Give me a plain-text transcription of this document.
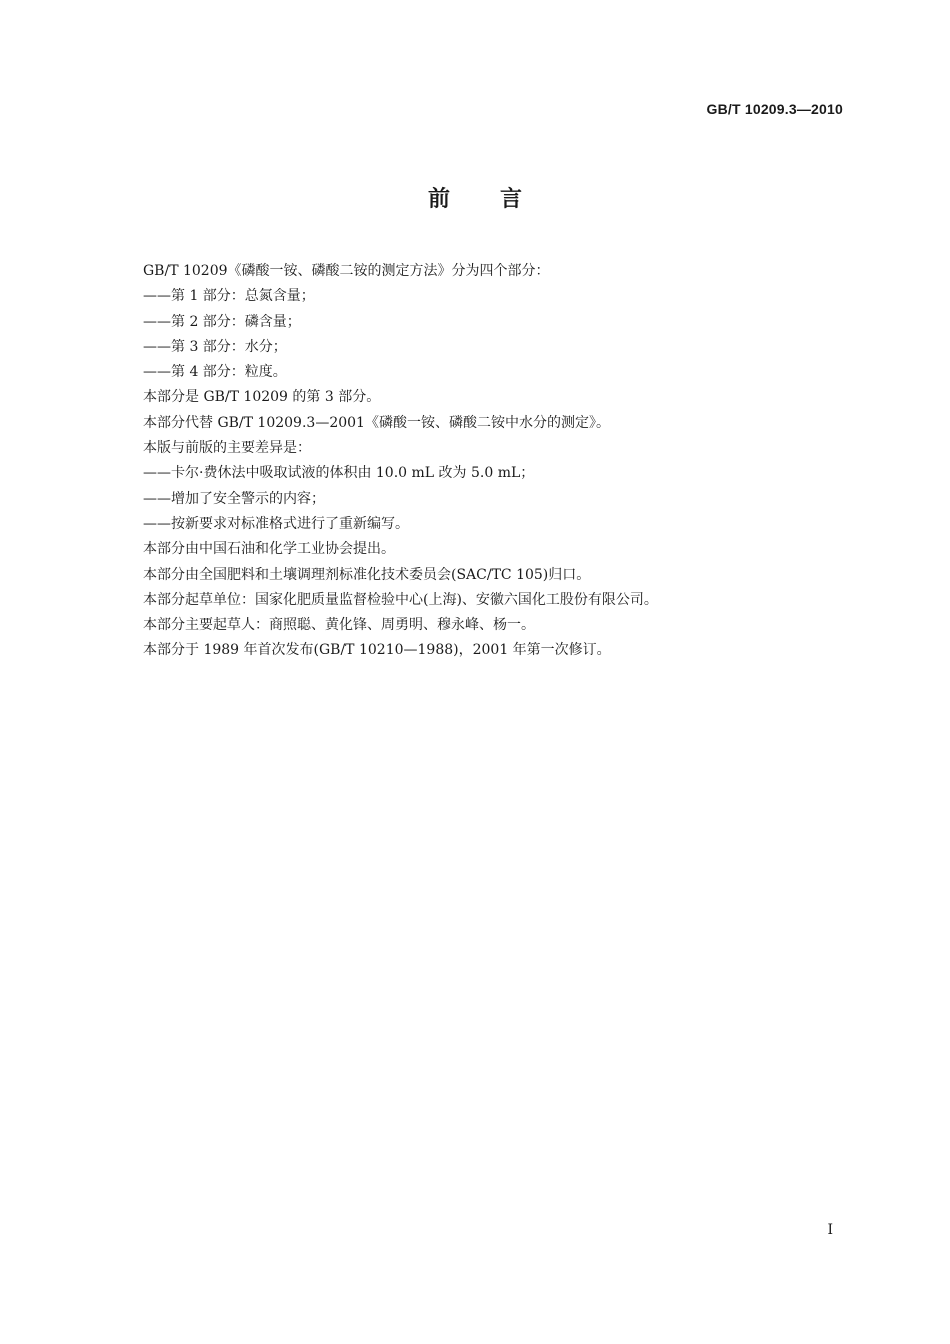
GB/T 10209.3—2010
前言
GB/T 10209《磷酸一铵、磷酸二铵的测定方法》分为四个部分：
——第 1 部分：总氮含量；
——第 2 部分：磷含量；
——第 3 部分：水分；
——第 4 部分：粒度。
本部分是 GB/T 10209 的第 3 部分。
本部分代替 GB/T 10209.3—2001《磷酸一铵、磷酸二铵中水分的测定》。
本版与前版的主要差异是：
——卡尔·费休法中吸取试液的体积由 10.0 mL 改为 5.0 mL；
——增加了安全警示的内容；
——按新要求对标准格式进行了重新编写。
本部分由中国石油和化学工业协会提出。
本部分由全国肥料和土壤调理剂标准化技术委员会(SAC/TC 105)归口。
本部分起草单位：国家化肥质量监督检验中心(上海)、安徽六国化工股份有限公司。
本部分主要起草人：商照聪、黄化锋、周勇明、穆永峰、杨一。
本部分于 1989 年首次发布(GB/T 10210—1988)，2001 年第一次修订。
I
